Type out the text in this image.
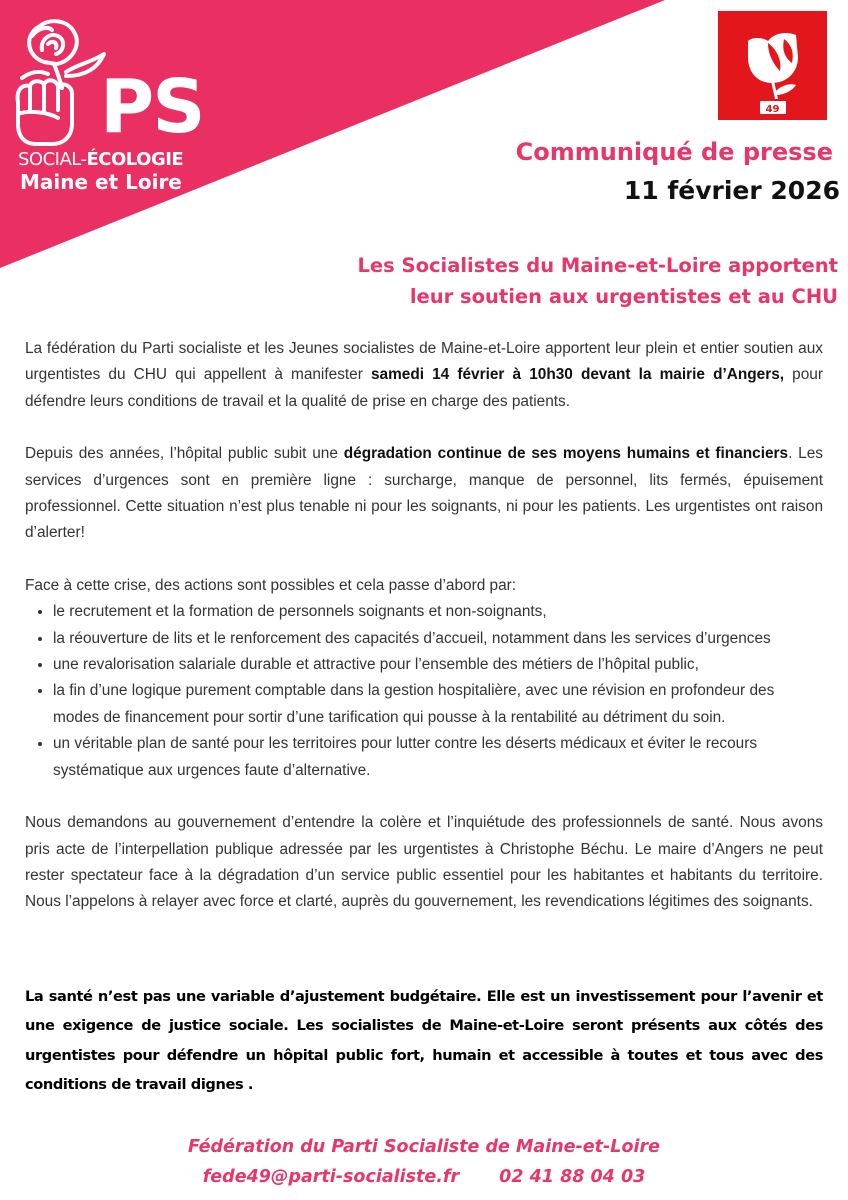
PS
SOCIAL-ÉCOLOGIE
Maine et Loire
49
Communiqué de presse
11 février 2026
Les Socialistes du Maine-et-Loire apportent
leur soutien aux urgentistes et au CHU

La fédération du Parti socialiste et les Jeunes socialistes de Maine-et-Loire apportent leur plein et entier soutien aux urgentistes du CHU qui appellent à manifester samedi 14 février à 10h30 devant la mairie d’Angers, pour défendre leurs conditions de travail et la qualité de prise en charge des patients.

Depuis des années, l’hôpital public subit une dégradation continue de ses moyens humains et financiers. Les services d’urgences sont en première ligne : surcharge, manque de personnel, lits fermés, épuisement professionnel. Cette situation n’est plus tenable ni pour les soignants, ni pour les patients. Les urgentistes ont raison d’alerter!

Face à cette crise, des actions sont possibles et cela passe d’abord par:
• le recrutement et la formation de personnels soignants et non-soignants,
• la réouverture de lits et le renforcement des capacités d’accueil, notamment dans les services d’urgences
• une revalorisation salariale durable et attractive pour l’ensemble des métiers de l’hôpital public,
• la fin d’une logique purement comptable dans la gestion hospitalière, avec une révision en profondeur des modes de financement pour sortir d’une tarification qui pousse à la rentabilité au détriment du soin.
• un véritable plan de santé pour les territoires pour lutter contre les déserts médicaux et éviter le recours systématique aux urgences faute d’alternative.

Nous demandons au gouvernement d’entendre la colère et l’inquiétude des professionnels de santé. Nous avons pris acte de l’interpellation publique adressée par les urgentistes à Christophe Béchu. Le maire d’Angers ne peut rester spectateur face à la dégradation d’un service public essentiel pour les habitantes et habitants du territoire. Nous l’appelons à relayer avec force et clarté, auprès du gouvernement, les revendications légitimes des soignants.

La santé n’est pas une variable d’ajustement budgétaire. Elle est un investissement pour l’avenir et une exigence de justice sociale. Les socialistes de Maine-et-Loire seront présents aux côtés des urgentistes pour défendre un hôpital public fort, humain et accessible à toutes et tous avec des conditions de travail dignes .
Fédération du Parti Socialiste de Maine-et-Loire
fede49@parti-socialiste.fr 02 41 88 04 03
